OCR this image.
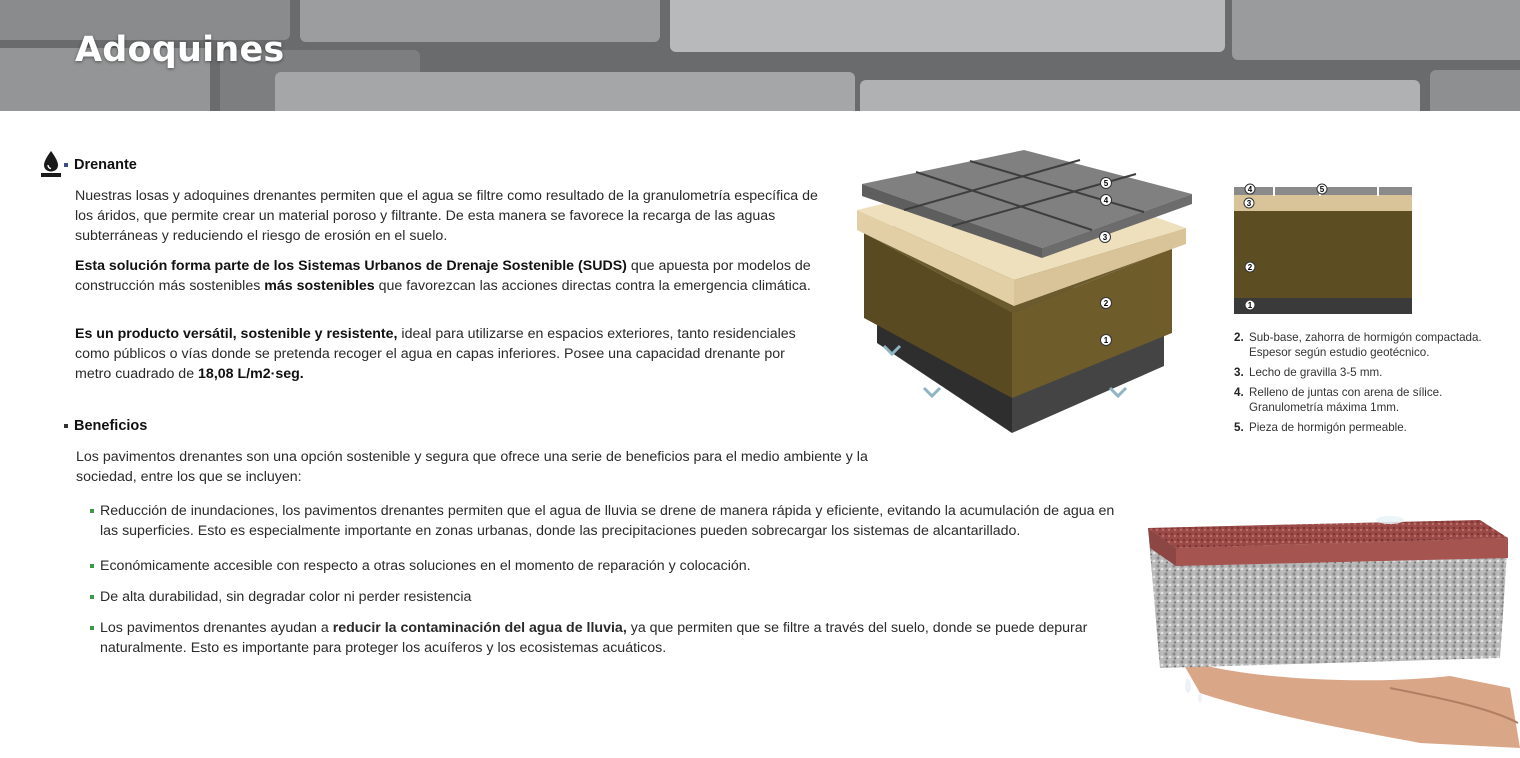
Adoquines
Drenante
Nuestras losas y adoquines drenantes permiten que el agua se filtre como resultado de la granulometría específica de los áridos, que permite crear un material poroso y filtrante. De esta manera se favorece la recarga de las aguas subterráneas y reduciendo el riesgo de erosión en el suelo.
Esta solución forma parte de los Sistemas Urbanos de Drenaje Sostenible (SUDS) que apuesta por modelos de construcción más sostenibles más sostenibles que favorezcan las acciones directas contra la emergencia climática.
Es un producto versátil, sostenible y resistente, ideal para utilizarse en espacios exteriores, tanto residenciales como públicos o vías donde se pretenda recoger el agua en capas inferiores. Posee una capacidad drenante por metro cuadrado de 18,08 L/m2·seg.
Beneficios
Los pavimentos drenantes son una opción sostenible y segura que ofrece una serie de beneficios para el medio ambiente y la sociedad, entre los que se incluyen:
Reducción de inundaciones, los pavimentos drenantes permiten que el agua de lluvia se drene de manera rápida y eficiente, evitando la acumulación de agua en las superficies. Esto es especialmente importante en zonas urbanas, donde las precipitaciones pueden sobrecargar los sistemas de alcantarillado.
Económicamente accesible con respecto a otras soluciones en el momento de reparación y colocación.
De alta durabilidad, sin degradar color ni perder resistencia
Los pavimentos drenantes ayudan a reducir la contaminación del agua de lluvia, ya que permiten que se filtre a través del suelo, donde se puede depurar naturalmente. Esto es importante para proteger los acuíferos y los ecosistemas acuáticos.
5
4
3
2
1
4	5
3
2
1
2. Sub-base, zahorra de hormigón compactada. Espesor según estudio geotécnico.
3. Lecho de gravilla 3-5 mm.
4. Relleno de juntas con arena de sílice. Granulometría máxima 1mm.
5. Pieza de hormigón permeable.
